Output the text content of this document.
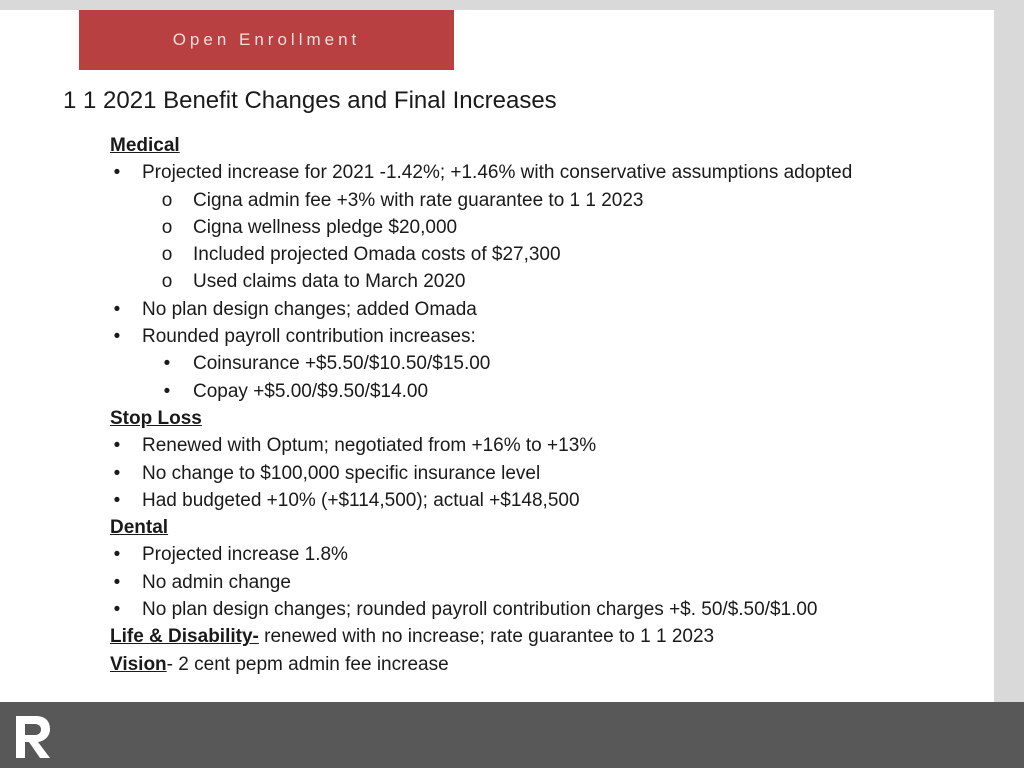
Open Enrollment
1 1 2021 Benefit Changes and Final Increases
Medical
• Projected increase for 2021 -1.42%; +1.46% with conservative assumptions adopted
o Cigna admin fee +3% with rate guarantee to 1 1 2023
o Cigna wellness pledge $20,000
o Included projected Omada costs of $27,300
o Used claims data to March 2020
• No plan design changes; added Omada
• Rounded payroll contribution increases:
• Coinsurance +$5.50/$10.50/$15.00
• Copay +$5.00/$9.50/$14.00
Stop Loss
• Renewed with Optum; negotiated from +16% to +13%
• No change to $100,000 specific insurance level
• Had budgeted +10% (+$114,500); actual +$148,500
Dental
• Projected increase 1.8%
• No admin change
• No plan design changes; rounded payroll contribution charges +$. 50/$.50/$1.00
Life & Disability- renewed with no increase; rate guarantee to 1 1 2023
Vision- 2 cent pepm admin fee increase
